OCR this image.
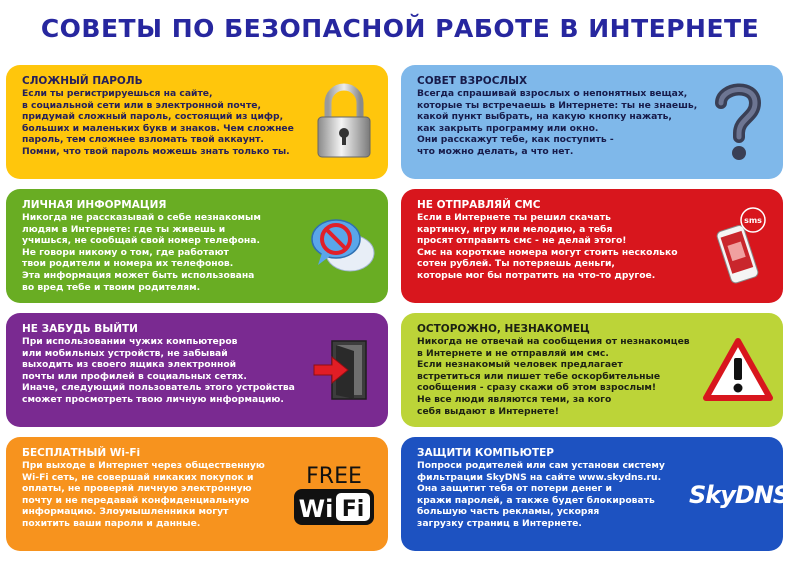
СОВЕТЫ ПО БЕЗОПАСНОЙ РАБОТЕ В ИНТЕРНЕТЕ
СЛОЖНЫЙ ПАРОЛЬ
Если ты регистрируешься на сайте,
в социальной сети или в электронной почте,
придумай сложный пароль, состоящий из цифр,
больших и маленьких букв и знаков. Чем сложнее
пароль, тем сложнее взломать твой аккаунт.
Помни, что твой пароль можешь знать только ты.
СОВЕТ ВЗРОСЛЫХ
Всегда спрашивай взрослых о непонятных вещах,
которые ты встречаешь в Интернете: ты не знаешь,
какой пункт выбрать, на какую кнопку нажать,
как закрыть программу или окно.
Они расскажут тебе, как поступить -
что можно делать, а что нет.
ЛИЧНАЯ ИНФОРМАЦИЯ
Никогда не рассказывай о себе незнакомым
людям в Интернете: где ты живешь и
учишься, не сообщай свой номер телефона.
Не говори никому о том, где работают
твои родители и номера их телефонов.
Эта информация может быть использована
во вред тебе и твоим родителям.
НЕ ОТПРАВЛЯЙ СМС
Если в Интернете ты решил скачать
картинку, игру или мелодию, а тебя
просят отправить смс - не делай этого!
Смс на короткие номера могут стоить несколько
сотен рублей. Ты потеряешь деньги,
которые мог бы потратить на что-то другое.
sms
НЕ ЗАБУДЬ ВЫЙТИ
При использовании чужих компьютеров
или мобильных устройств, не забывай
выходить из своего ящика электронной
почты или профилей в социальных сетях.
Иначе, следующий пользователь этого устройства
сможет просмотреть твою личную информацию.
ОСТОРОЖНО, НЕЗНАКОМЕЦ
Никогда не отвечай на сообщения от незнакомцев
в Интернете и не отправляй им смс.
Если незнакомый человек предлагает
встретиться или пишет тебе оскорбительные
сообщения - сразу скажи об этом взрослым!
Не все люди являются теми, за кого
себя выдают в Интернете!
БЕСПЛАТНЫЙ Wi-Fi
При выходе в Интернет через общественную
Wi-Fi сеть, не совершай никаких покупок и
оплаты, не проверяй личную электронную
почту и не передавай конфиденциальную
информацию. Злоумышленники могут
похитить ваши пароли и данные.
FREE
Wi Fi
ЗАЩИТИ КОМПЬЮТЕР
Попроси родителей или сам установи систему
фильтрации SkyDNS на сайте www.skydns.ru.
Она защитит тебя от потери денег и
кражи паролей, а также будет блокировать
большую часть рекламы, ускоряя
загрузку страниц в Интернете.
SkyDNS
